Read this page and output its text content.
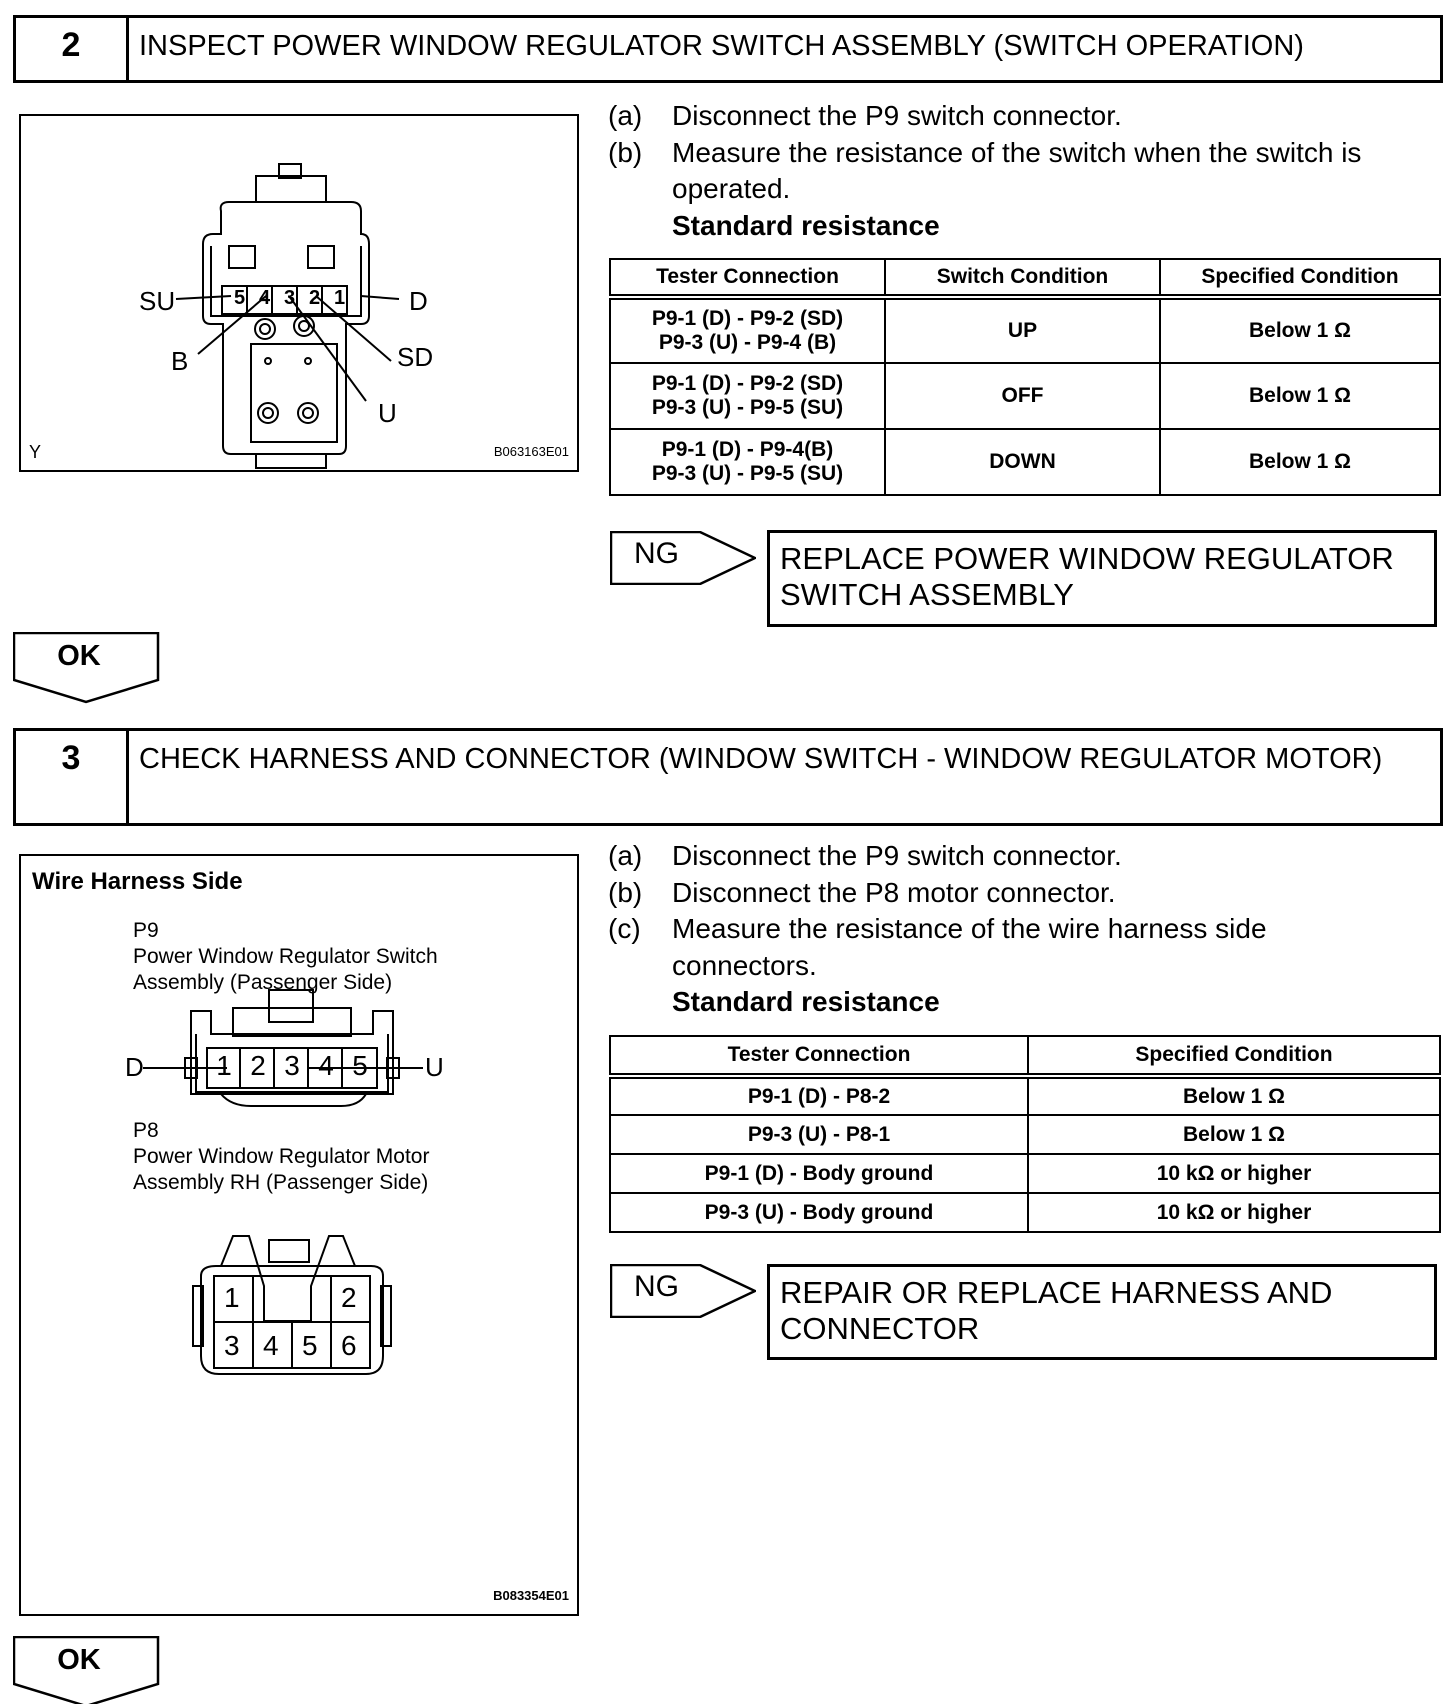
2	INSPECT POWER WINDOW REGULATOR SWITCH ASSEMBLY (SWITCH OPERATION)
5 4 3 2 1
SU	D
B	SD
U
Y	B063163E01
(a)	Disconnect the P9 switch connector.
(b)	Measure the resistance of the switch when the switch is operated.
Standard resistance
Tester Connection	Switch Condition	Specified Condition

P9-1 (D) - P9-2 (SD)
P9-3 (U) - P9-4 (B)	UP	Below 1 Ω

P9-1 (D) - P9-2 (SD)
P9-3 (U) - P9-5 (SU)	OFF	Below 1 Ω

P9-1 (D) - P9-4(B)
P9-3 (U) - P9-5 (SU)	DOWN	Below 1 Ω
NG	REPLACE POWER WINDOW REGULATOR SWITCH ASSEMBLY
OK
3	CHECK HARNESS AND CONNECTOR (WINDOW SWITCH - WINDOW REGULATOR MOTOR)
Wire Harness Side
P9
Power Window Regulator Switch
Assembly (Passenger Side)
D	U
1 2 3 4 5
P8
Power Window Regulator Motor
Assembly RH (Passenger Side)
1	2
3 4 5 6
B083354E01
(a)	Disconnect the P9 switch connector.
(b)	Disconnect the P8 motor connector.
(c)	Measure the resistance of the wire harness side connectors.
Standard resistance
Tester Connection	Specified Condition
P9-1 (D) - P8-2	Below 1 Ω
P9-3 (U) - P8-1	Below 1 Ω
P9-1 (D) - Body ground	10 kΩ or higher
P9-3 (U) - Body ground	10 kΩ or higher
NG	REPAIR OR REPLACE HARNESS AND CONNECTOR
OK
